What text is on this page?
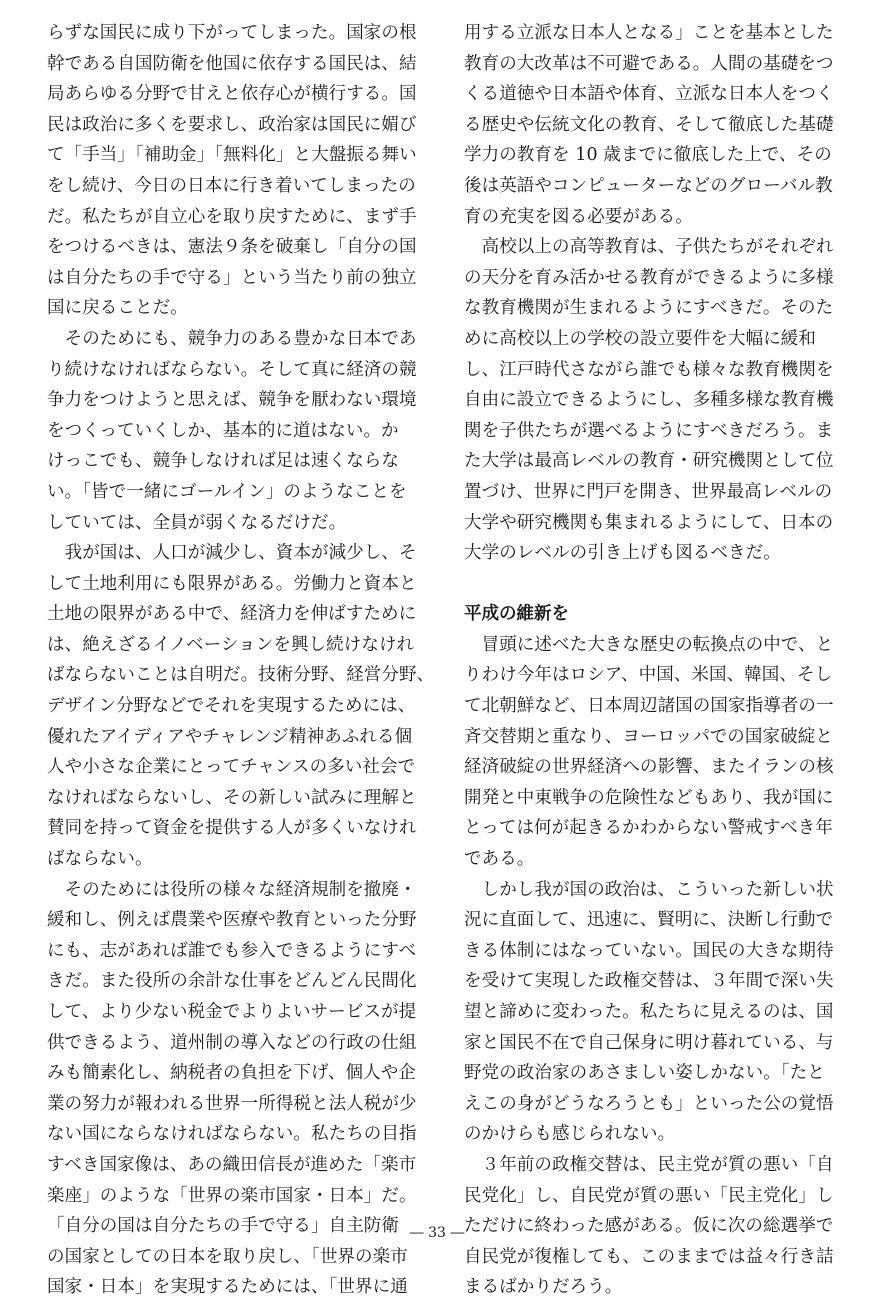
らずな国民に成り下がってしまった。国家の根
幹である自国防衛を他国に依存する国民は、結
局あらゆる分野で甘えと依存心が横行する。国
民は政治に多くを要求し、政治家は国民に媚び
て「手当」「補助金」「無料化」と大盤振る舞い
をし続け、今日の日本に行き着いてしまったの
だ。私たちが自立心を取り戻すために、まず手
をつけるべきは、憲法９条を破棄し「自分の国
は自分たちの手で守る」という当たり前の独立
国に戻ることだ。
　そのためにも、競争力のある豊かな日本であ
り続けなければならない。そして真に経済の競
争力をつけようと思えば、競争を厭わない環境
をつくっていくしか、基本的に道はない。か
けっこでも、競争しなければ足は速くならな
い。「皆で一緒にゴールイン」のようなことを
していては、全員が弱くなるだけだ。
　我が国は、人口が減少し、資本が減少し、そ
して土地利用にも限界がある。労働力と資本と
土地の限界がある中で、経済力を伸ばすために
は、絶えざるイノベーションを興し続けなけれ
ばならないことは自明だ。技術分野、経営分野、
デザイン分野などでそれを実現するためには、
優れたアイディアやチャレンジ精神あふれる個
人や小さな企業にとってチャンスの多い社会で
なければならないし、その新しい試みに理解と
賛同を持って資金を提供する人が多くいなけれ
ばならない。
　そのためには役所の様々な経済規制を撤廃・
緩和し、例えば農業や医療や教育といった分野
にも、志があれば誰でも参入できるようにすべ
きだ。また役所の余計な仕事をどんどん民間化
して、より少ない税金でよりよいサービスが提
供できるよう、道州制の導入などの行政の仕組
みも簡素化し、納税者の負担を下げ、個人や企
業の努力が報われる世界一所得税と法人税が少
ない国にならなければならない。私たちの目指
すべき国家像は、あの織田信長が進めた「楽市
楽座」のような「世界の楽市国家・日本」だ。
「自分の国は自分たちの手で守る」自主防衛
の国家としての日本を取り戻し、「世界の楽市
国家・日本」を実現するためには、「世界に通
用する立派な日本人となる」ことを基本とした
教育の大改革は不可避である。人間の基礎をつ
くる道徳や日本語や体育、立派な日本人をつく
る歴史や伝統文化の教育、そして徹底した基礎
学力の教育を 10 歳までに徹底した上で、その
後は英語やコンピューターなどのグローバル教
育の充実を図る必要がある。
　高校以上の高等教育は、子供たちがそれぞれ
の天分を育み活かせる教育ができるように多様
な教育機関が生まれるようにすべきだ。そのた
めに高校以上の学校の設立要件を大幅に緩和
し、江戸時代さながら誰でも様々な教育機関を
自由に設立できるようにし、多種多様な教育機
関を子供たちが選べるようにすべきだろう。ま
た大学は最高レベルの教育・研究機関として位
置づけ、世界に門戸を開き、世界最高レベルの
大学や研究機関も集まれるようにして、日本の
大学のレベルの引き上げも図るべきだ。
平成の維新を
　冒頭に述べた大きな歴史の転換点の中で、と
りわけ今年はロシア、中国、米国、韓国、そし
て北朝鮮など、日本周辺諸国の国家指導者の一
斉交替期と重なり、ヨーロッパでの国家破綻と
経済破綻の世界経済への影響、またイランの核
開発と中東戦争の危険性などもあり、我が国に
とっては何が起きるかわからない警戒すべき年
である。
　しかし我が国の政治は、こういった新しい状
況に直面して、迅速に、賢明に、決断し行動で
きる体制にはなっていない。国民の大きな期待
を受けて実現した政権交替は、３年間で深い失
望と諦めに変わった。私たちに見えるのは、国
家と国民不在で自己保身に明け暮れている、与
野党の政治家のあさましい姿しかない。「たと
えこの身がどうなろうとも」といった公の覚悟
のかけらも感じられない。
　３年前の政権交替は、民主党が質の悪い「自
民党化」し、自民党が質の悪い「民主党化」し
ただけに終わった感がある。仮に次の総選挙で
自民党が復権しても、このままでは益々行き詰
まるばかりだろう。
― 33 ―
